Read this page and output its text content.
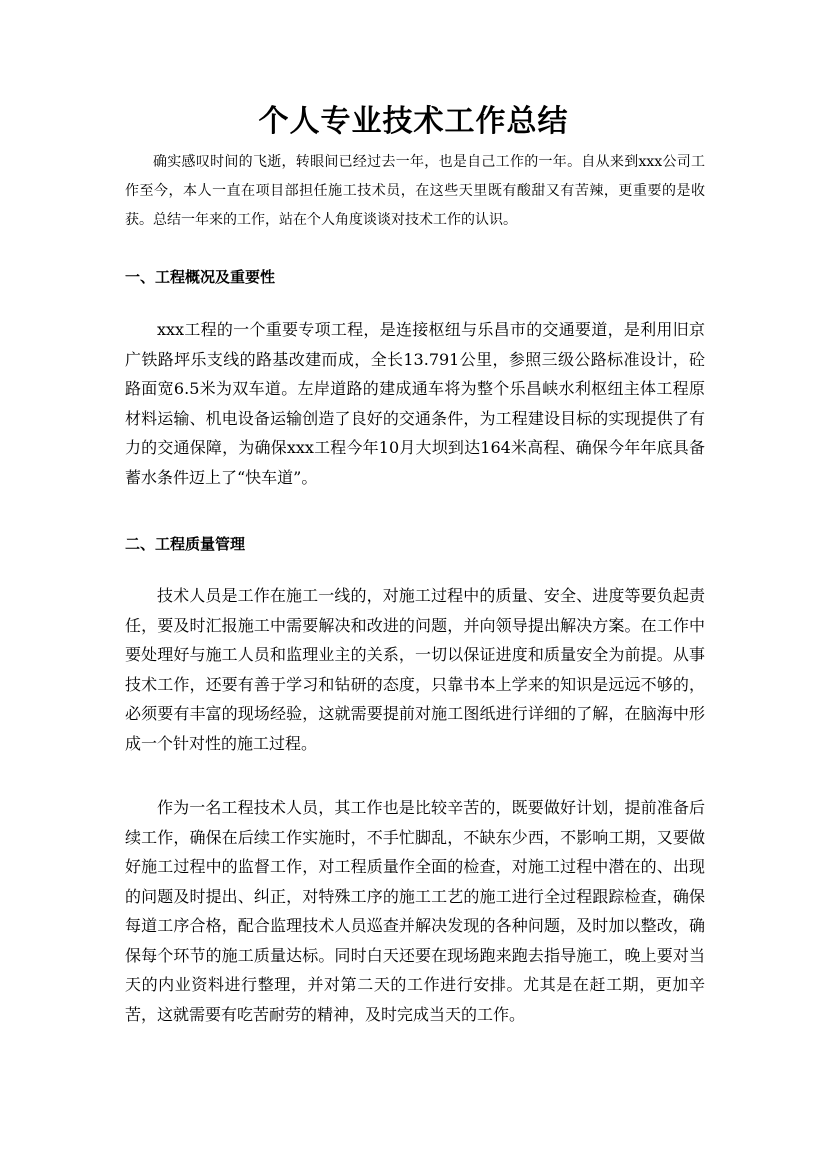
个人专业技术工作总结

确实感叹时间的飞逝，转眼间已经过去一年，也是自己工作的一年。自从来到xxx公司工作至今，本人一直在项目部担任施工技术员，在这些天里既有酸甜又有苦辣，更重要的是收获。总结一年来的工作，站在个人角度谈谈对技术工作的认识。

一、工程概况及重要性

xxx工程的一个重要专项工程，是连接枢纽与乐昌市的交通要道，是利用旧京广铁路坪乐支线的路基改建而成，全长13.791公里，参照三级公路标准设计，砼路面宽6.5米为双车道。左岸道路的建成通车将为整个乐昌峡水利枢纽主体工程原材料运输、机电设备运输创造了良好的交通条件，为工程建设目标的实现提供了有力的交通保障，为确保xxx工程今年10月大坝到达164米高程、确保今年年底具备蓄水条件迈上了“快车道”。

二、工程质量管理

技术人员是工作在施工一线的，对施工过程中的质量、安全、进度等要负起责任，要及时汇报施工中需要解决和改进的问题，并向领导提出解决方案。在工作中要处理好与施工人员和监理业主的关系，一切以保证进度和质量安全为前提。从事技术工作，还要有善于学习和钻研的态度，只靠书本上学来的知识是远远不够的，必须要有丰富的现场经验，这就需要提前对施工图纸进行详细的了解，在脑海中形成一个针对性的施工过程。

作为一名工程技术人员，其工作也是比较辛苦的，既要做好计划，提前准备后续工作，确保在后续工作实施时，不手忙脚乱，不缺东少西，不影响工期，又要做好施工过程中的监督工作，对工程质量作全面的检查，对施工过程中潜在的、出现的问题及时提出、纠正，对特殊工序的施工工艺的施工进行全过程跟踪检查，确保每道工序合格，配合监理技术人员巡查并解决发现的各种问题，及时加以整改，确保每个环节的施工质量达标。同时白天还要在现场跑来跑去指导施工，晚上要对当天的内业资料进行整理，并对第二天的工作进行安排。尤其是在赶工期，更加辛苦，这就需要有吃苦耐劳的精神，及时完成当天的工作。
